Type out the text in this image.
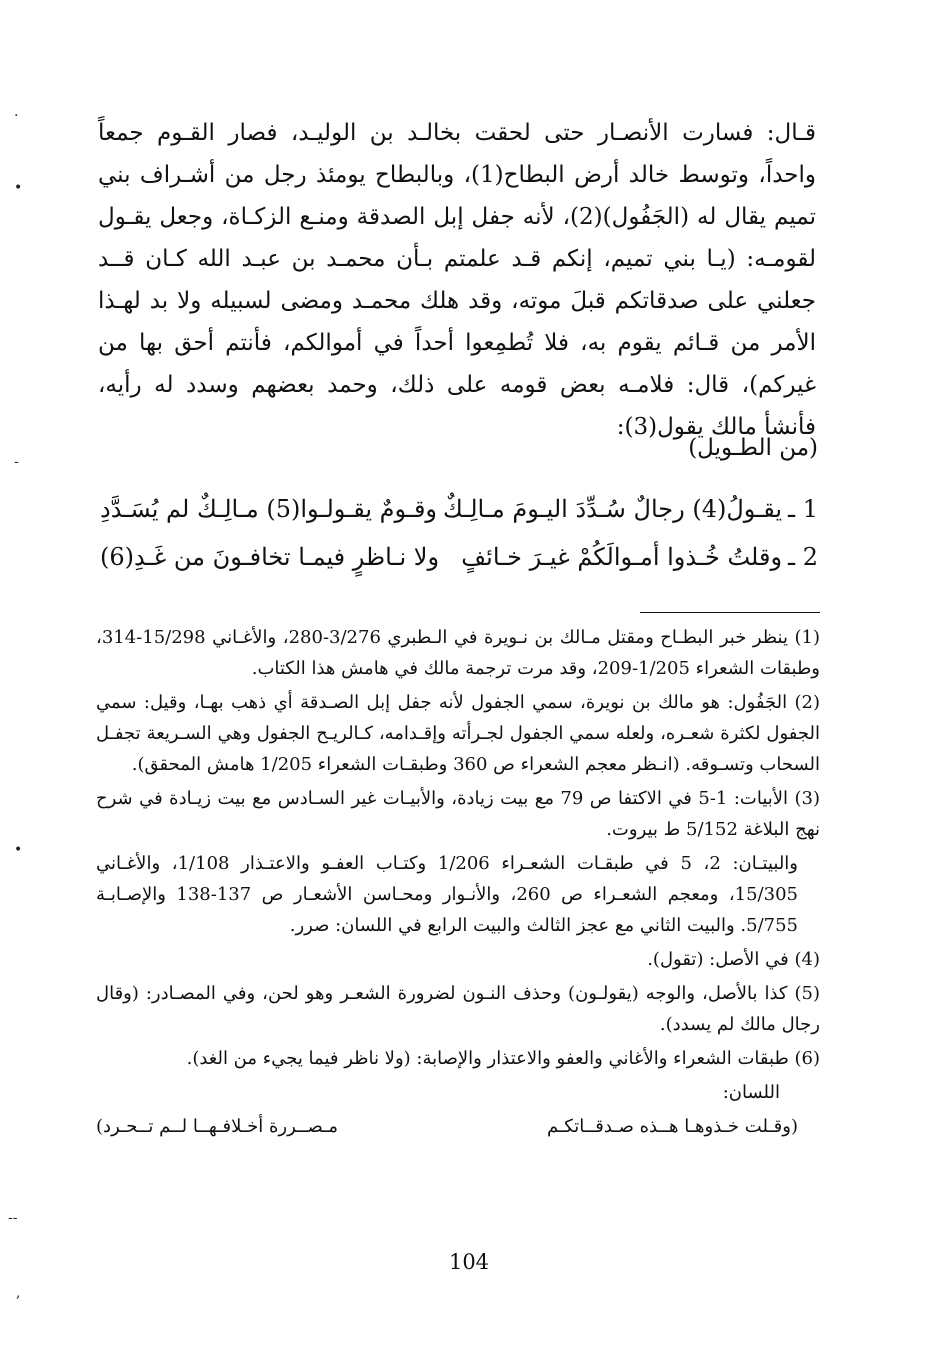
.
•
-
•
--
,

قـال: فسارت الأنصـار حتى لحقت بخالـد بن الوليـد، فصار القـوم جمعاً واحداً، وتوسط خالد أرض البطاح(1)، وبالبطاح يومئذ رجل من أشـراف بني تميم يقال له (الجَفُول)(2)، لأنه جفل إبل الصدقة ومنـع الزكـاة، وجعل يقـول لقومـه: (يـا بني تميم، إنكم قـد علمتم بـأن محمـد بن عبـد الله كـان قــد جعلني على صدقاتكم قبلَ موته، وقد هلك محمـد ومضى لسبيله ولا بد لهـذا الأمر من قـائم يقوم به، فلا تُطمِعوا أحداً في أموالكم، فأنتم أحق بها من غيركم)، قال: فلامـه بعض قومه على ذلك، وحمد بعضهم وسدد له رأيه، فأنشأ مالك يقول(3):

(من الطـويل)
1 ـيقـولُ(4) رجالٌ سُـدِّدَ اليـومَ مـالِـكٌ
وقـومٌ يقـولـوا(5) مـالِـكٌ لم يُسَـدَّدِ
2 ـوقلتُ خُـذوا أمـوالَكُمْ غيـرَ خـائفٍ
ولا نـاظرٍ فيمـا تخافـونَ من غَـدِ(6)

(1) ينظر خبر البطـاح ومقتل مـالك بن نـويرة في الـطبري 3/276-280، والأغـاني 15/298-314، وطبقات الشعراء 1/205-209، وقد مرت ترجمة مالك في هامش هذا الكتاب.

(2) الجَفُول: هو مالك بن نويرة، سمي الجفول لأنه جفل إبل الصـدقة أي ذهب بهـا، وقيل: سمي الجفول لكثرة شعـره، ولعله سمي الجفول لجـرأته وإقـدامه، كـالريـح الجفول وهي السـريعة تجفـل السحاب وتسـوقه. (انـظر معجم الشعراء ص 360 وطبقـات الشعراء 1/205 هامش المحقق).

(3) الأبيات: 1-5 في الاكتفا ص 79 مع بيت زيادة، والأبيـات غير السـادس مع بيت زيـادة في شرح نهج البلاغة 5/152 ط بيروت.

والبيتـان: 2، 5 في طبقـات الشعـراء 1/206 وكتـاب العفـو والاعتـذار 1/108، والأغـاني 15/305، ومعجم الشعـراء ص 260، والأنـوار ومحـاسن الأشعـار ص 137-138 والإصـابـة 5/755. والبيت الثاني مع عجز الثالث والبيت الرابع في اللسان: صرر.

(4) في الأصل: (تقول).

(5) كذا بالأصل، والوجه (يقولـون) وحذف النـون لضرورة الشعـر وهو لحن، وفي المصـادر: (وقال رجال مالك لم يسدد).

(6) طبقات الشعراء والأغاني والعفو والاعتذار والإصابة: (ولا ناظر فيما يجيء من الغد).

اللسان:

(وقـلت خـذوهـا هــذه صـدقــاتكـم
مـصــررة أخـلافـهــا لــم تــحـرد)
104
